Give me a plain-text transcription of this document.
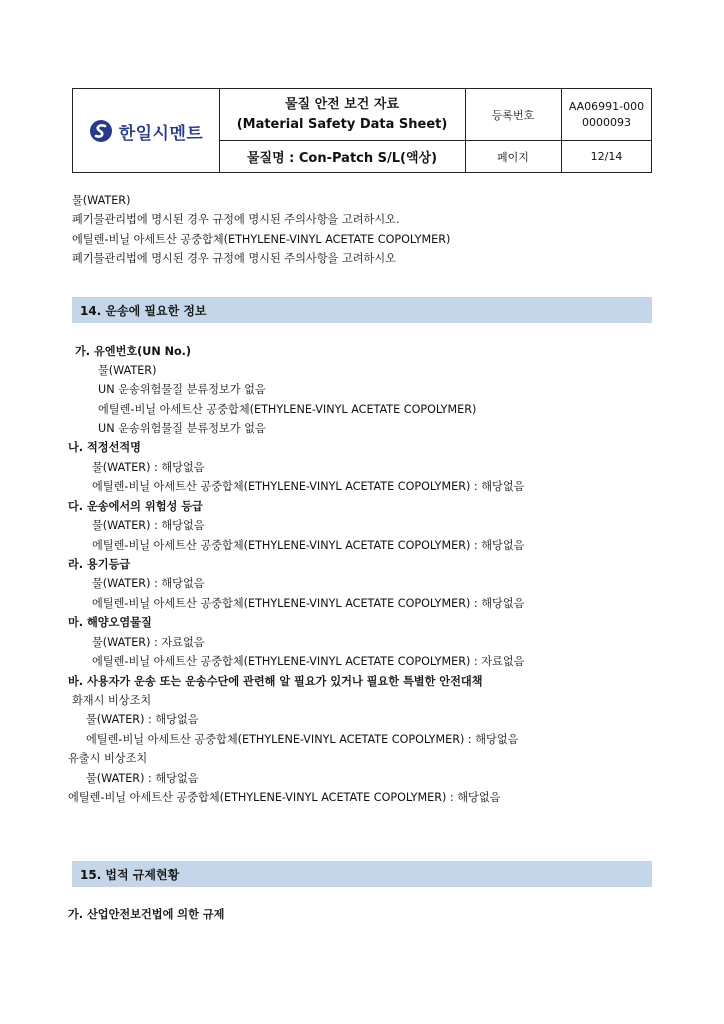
한일시멘트
물질 안전 보건 자료
(Material Safety Data Sheet)
물질명 : Con-Patch S/L(액상)
등록번호
AA06991-000
0000093
페이지	12/14
물(WATER)
폐기물관리법에 명시된 경우 규정에 명시된 주의사항을 고려하시오.
에틸렌-비닐 아세트산 공중합체(ETHYLENE-VINYL ACETATE COPOLYMER)
폐기물관리법에 명시된 경우 규정에 명시된 주의사항을 고려하시오
14. 운송에 필요한 정보
가. 유엔번호(UN No.)
물(WATER)
UN 운송위험물질 분류정보가 없음
에틸렌-비닐 아세트산 공중합체(ETHYLENE-VINYL ACETATE COPOLYMER)
UN 운송위험물질 분류정보가 없음
나. 적정선적명
물(WATER) : 해당없음
에틸렌-비닐 아세트산 공중합체(ETHYLENE-VINYL ACETATE COPOLYMER) : 해당없음
다. 운송에서의 위험성 등급
물(WATER) : 해당없음
에틸렌-비닐 아세트산 공중합체(ETHYLENE-VINYL ACETATE COPOLYMER) : 해당없음
라. 용기등급
물(WATER) : 해당없음
에틸렌-비닐 아세트산 공중합체(ETHYLENE-VINYL ACETATE COPOLYMER) : 해당없음
마. 해양오염물질
물(WATER) : 자료없음
에틸렌-비닐 아세트산 공중합체(ETHYLENE-VINYL ACETATE COPOLYMER) : 자료없음
바. 사용자가 운송 또는 운송수단에 관련해 알 필요가 있거나 필요한 특별한 안전대책
화재시 비상조치
물(WATER) : 해당없음
에틸렌-비닐 아세트산 공중합체(ETHYLENE-VINYL ACETATE COPOLYMER) : 해당없음
유출시 비상조치
물(WATER) : 해당없음
에틸렌-비닐 아세트산 공중합체(ETHYLENE-VINYL ACETATE COPOLYMER) : 해당없음
15. 법적 규제현황
가. 산업안전보건법에 의한 규제
